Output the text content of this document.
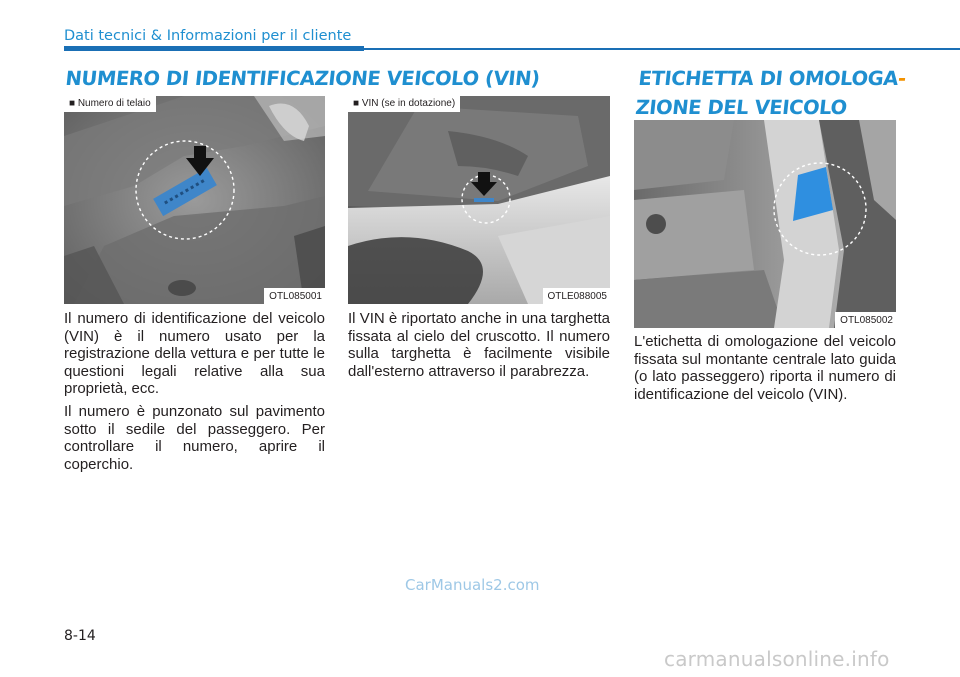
Dati tecnici & Informazioni per il cliente
NUMERO DI IDENTIFICAZIONE VEICOLO (VIN)
■ Numero di telaio
OTL085001

Il numero di identificazione del veicolo (VIN) è il numero usato per la registrazione della vettura e per tutte le questioni legali relative alla sua proprietà, ecc.

Il numero è punzonato sul pavimento sotto il sedile del passeggero. Per controllare il numero, aprire il coperchio.

■ VIN (se in dotazione)
OTLE088005

Il VIN è riportato anche in una targhetta fissata al cielo del cruscotto. Il numero sulla targhetta è facilmente visibile dall'esterno attraverso il parabrezza.

ETICHETTA DI OMOLOGA-
ZIONE DEL VEICOLO
OTL085002

L'etichetta di omologazione del veicolo fissata sul montante centrale lato guida (o lato passeggero) riporta il numero di identificazione del veicolo (VIN).

CarManuals2.com
8-14
carmanualsonline.info
